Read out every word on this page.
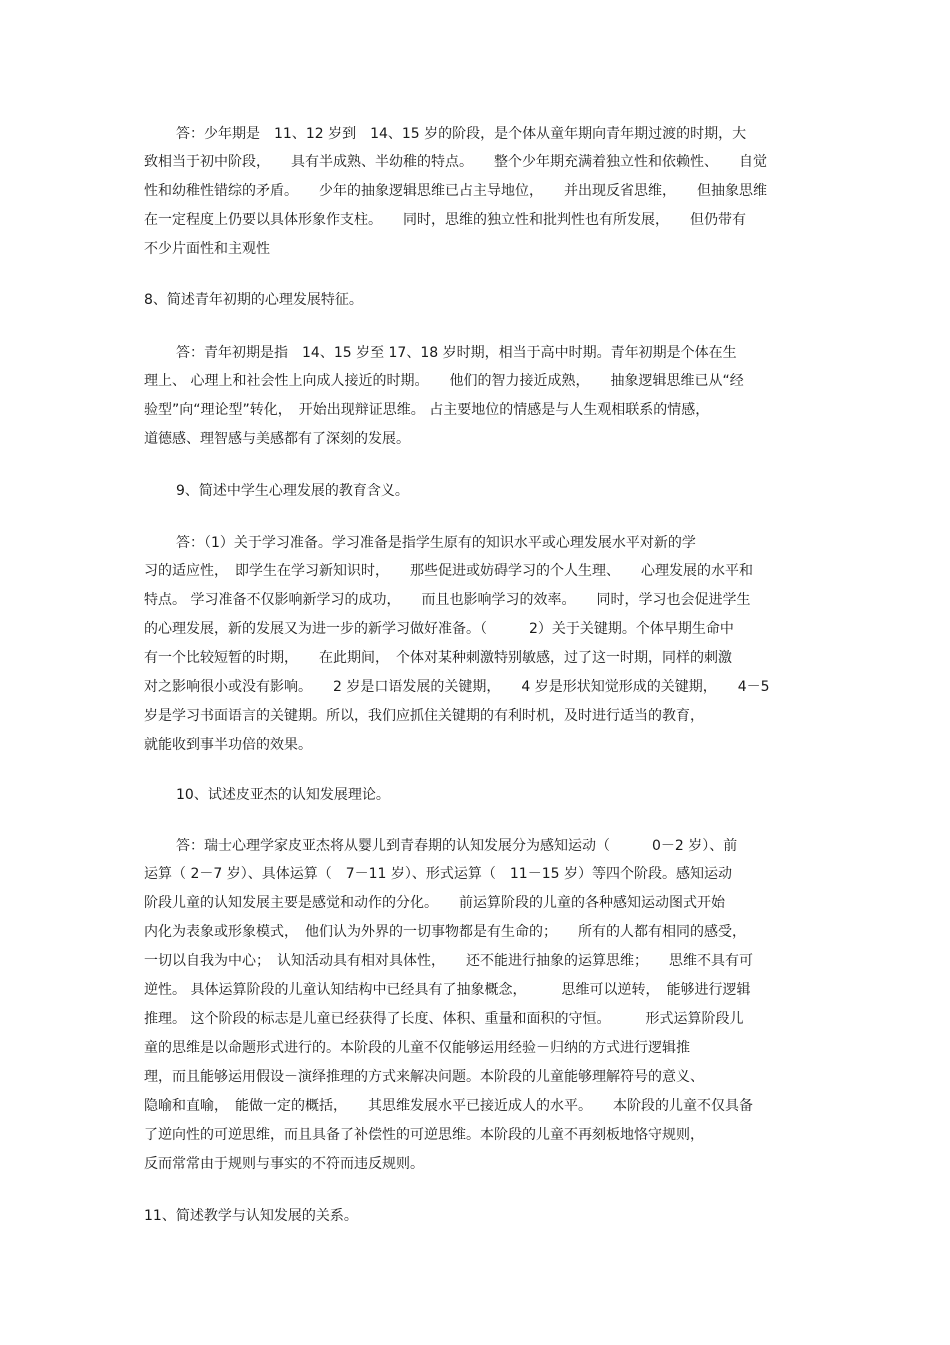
答：少年期是　11、12 岁到　14、15 岁的阶段，是个体从童年期向青年期过渡的时期，大
致相当于初中阶段，　　具有半成熟、半幼稚的特点。　　整个少年期充满着独立性和依赖性、　　自觉
性和幼稚性错综的矛盾。　　少年的抽象逻辑思维已占主导地位，　　并出现反省思维，　　但抽象思维
在一定程度上仍要以具体形象作支柱。　　同时，思维的独立性和批判性也有所发展，　　但仍带有
不少片面性和主观性
8、简述青年初期的心理发展特征。
答：青年初期是指　14、15 岁至 17、18 岁时期，相当于高中时期。青年初期是个体在生
理上、 心理上和社会性上向成人接近的时期。　　他们的智力接近成熟，　　抽象逻辑思维已从“经
验型”向“理论型”转化，　开始出现辩证思维。 占主要地位的情感是与人生观相联系的情感，
道德感、理智感与美感都有了深刻的发展。
9、简述中学生心理发展的教育含义。
答：（1）关于学习准备。学习准备是指学生原有的知识水平或心理发展水平对新的学
习的适应性，　即学生在学习新知识时，　　那些促进或妨碍学习的个人生理、　　心理发展的水平和
特点。 学习准备不仅影响新学习的成功，　　而且也影响学习的效率。　　同时，学习也会促进学生
的心理发展，新的发展又为进一步的新学习做好准备。（　　　2）关于关键期。个体早期生命中
有一个比较短暂的时期，　　在此期间，　个体对某种刺激特别敏感，过了这一时期，同样的刺激
对之影响很小或没有影响。　　2 岁是口语发展的关键期，　　4 岁是形状知觉形成的关键期，　　4－5
岁是学习书面语言的关键期。所以，我们应抓住关键期的有利时机，及时进行适当的教育，
就能收到事半功倍的效果。
10、试述皮亚杰的认知发展理论。
答：瑞士心理学家皮亚杰将从婴儿到青春期的认知发展分为感知运动（　　　0－2 岁）、前
运算（ 2－7 岁）、具体运算（　7－11 岁）、形式运算（　11－15 岁）等四个阶段。感知运动
阶段儿童的认知发展主要是感觉和动作的分化。　　前运算阶段的儿童的各种感知运动图式开始
内化为表象或形象模式，　他们认为外界的一切事物都是有生命的；　　所有的人都有相同的感受，
一切以自我为中心；　认知活动具有相对具体性，　　还不能进行抽象的运算思维；　　思维不具有可
逆性。 具体运算阶段的儿童认知结构中已经具有了抽象概念，　　　思维可以逆转，　能够进行逻辑
推理。 这个阶段的标志是儿童已经获得了长度、体积、重量和面积的守恒。　　　形式运算阶段儿
童的思维是以命题形式进行的。本阶段的儿童不仅能够运用经验－归纳的方式进行逻辑推
理，而且能够运用假设－演绎推理的方式来解决问题。本阶段的儿童能够理解符号的意义、
隐喻和直喻，　能做一定的概括，　　其思维发展水平已接近成人的水平。　　本阶段的儿童不仅具备
了逆向性的可逆思维，而且具备了补偿性的可逆思维。本阶段的儿童不再刻板地恪守规则，
反而常常由于规则与事实的不符而违反规则。
11、简述教学与认知发展的关系。
